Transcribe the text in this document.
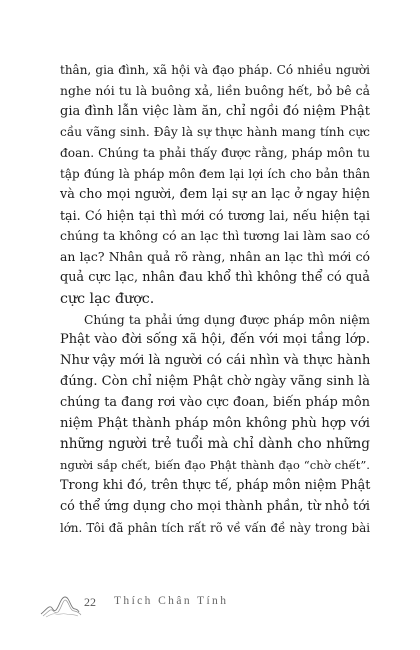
thân, gia đình, xã hội và đạo pháp. Có nhiều người
nghe nói tu là buông xả, liền buông hết, bỏ bê cả
gia đình lẫn việc làm ăn, chỉ ngồi đó niệm Phật
cầu vãng sinh. Đây là sự thực hành mang tính cực
đoan. Chúng ta phải thấy được rằng, pháp môn tu
tập đúng là pháp môn đem lại lợi ích cho bản thân
và cho mọi người, đem lại sự an lạc ở ngay hiện
tại. Có hiện tại thì mới có tương lai, nếu hiện tại
chúng ta không có an lạc thì tương lai làm sao có
an lạc? Nhân quả rõ ràng, nhân an lạc thì mới có
quả cực lạc, nhân đau khổ thì không thể có quả
cực lạc được.
Chúng ta phải ứng dụng được pháp môn niệm
Phật vào đời sống xã hội, đến với mọi tầng lớp.
Như vậy mới là người có cái nhìn và thực hành
đúng. Còn chỉ niệm Phật chờ ngày vãng sinh là
chúng ta đang rơi vào cực đoan, biến pháp môn
niệm Phật thành pháp môn không phù hợp với
những người trẻ tuổi mà chỉ dành cho những
người sắp chết, biến đạo Phật thành đạo “chờ chết”.
Trong khi đó, trên thực tế, pháp môn niệm Phật
có thể ứng dụng cho mọi thành phần, từ nhỏ tới
lớn. Tôi đã phân tích rất rõ về vấn đề này trong bài
22 Thích Chân Tính
